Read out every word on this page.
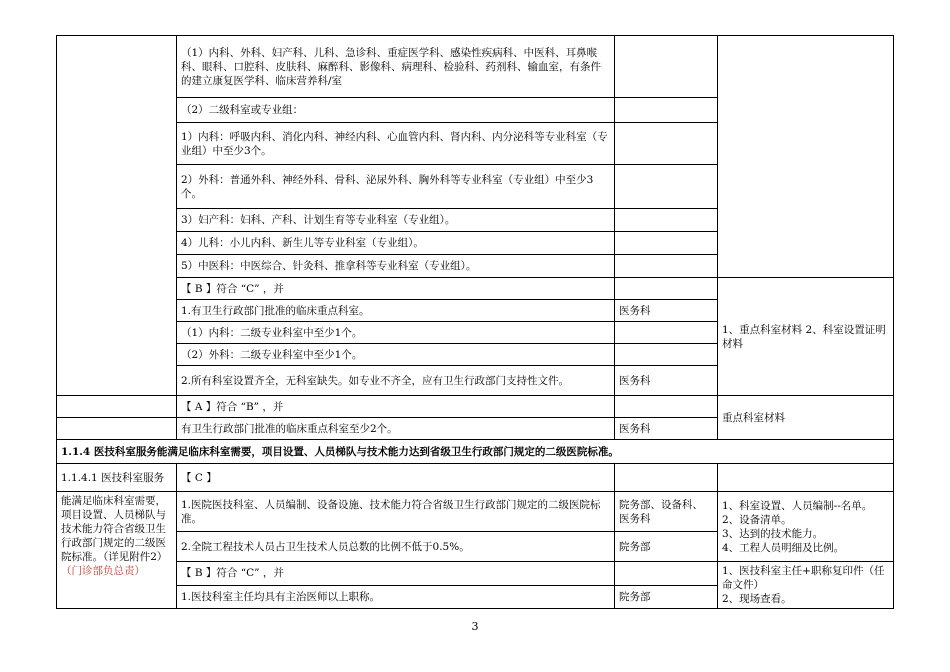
	（1）内科、外科、妇产科、儿科、急诊科、重症医学科、感染性疾病科、中医科、耳鼻喉科、眼科、口腔科、皮肤科、麻醉科、影像科、病理科、检验科、药剂科、输血室，有条件的建立康复医学科、临床营养科/室		
	（2）二级科室或专业组：		
	1）内科：呼吸内科、消化内科、神经内科、心血管内科、肾内科、内分泌科等专业科室（专业组）中至少3个。		
	2）外科：普通外科、神经外科、骨科、泌尿外科、胸外科等专业科室（专业组）中至少3个。		
	3）妇产科：妇科、产科、计划生育等专业科室（专业组）。		
	4）儿科：小儿内科、新生儿等专业科室（专业组）。		
	5）中医科：中医综合、针灸科、推拿科等专业科室（专业组）。		
	【 B 】符合 “C” ，并		1、重点科室材料 2、科室设置证明材料
	1.有卫生行政部门批准的临床重点科室。	医务科	
	（1）内科：二级专业科室中至少1个。		
	（2）外科：二级专业科室中至少1个。		
	2.所有科室设置齐全，无科室缺失。如专业不齐全，应有卫生行政部门支持性文件。	医务科	
	【 A 】符合 “B” ，并		重点科室材料
	有卫生行政部门批准的临床重点科室至少2个。	医务科	
1.1.4 医技科室服务能满足临床科室需要，项目设置、人员梯队与技术能力达到省级卫生行政部门规定的二级医院标准。			
1.1.4.1 医技科室服务	【 C 】		
能满足临床科室需要，项目设置、人员梯队与技术能力符合省级卫生行政部门规定的二级医院标准。（详见附件2）
（门诊部负总责）	1.医院医技科室、人员编制、设备设施、技术能力符合省级卫生行政部门规定的二级医院标准。	院务部、设备科、医务科	1、科室设置、人员编制--名单。
2、设备清单。
3、达到的技术能力。
4、工程人员明细及比例。
	2.全院工程技术人员占卫生技术人员总数的比例不低于0.5%。	院务部	
	【 B 】符合 “C” ，并		1、医技科室主任+职称复印件（任命文件）
2、现场查看。
	1.医技科室主任均具有主治医师以上职称。	院务部	
3
